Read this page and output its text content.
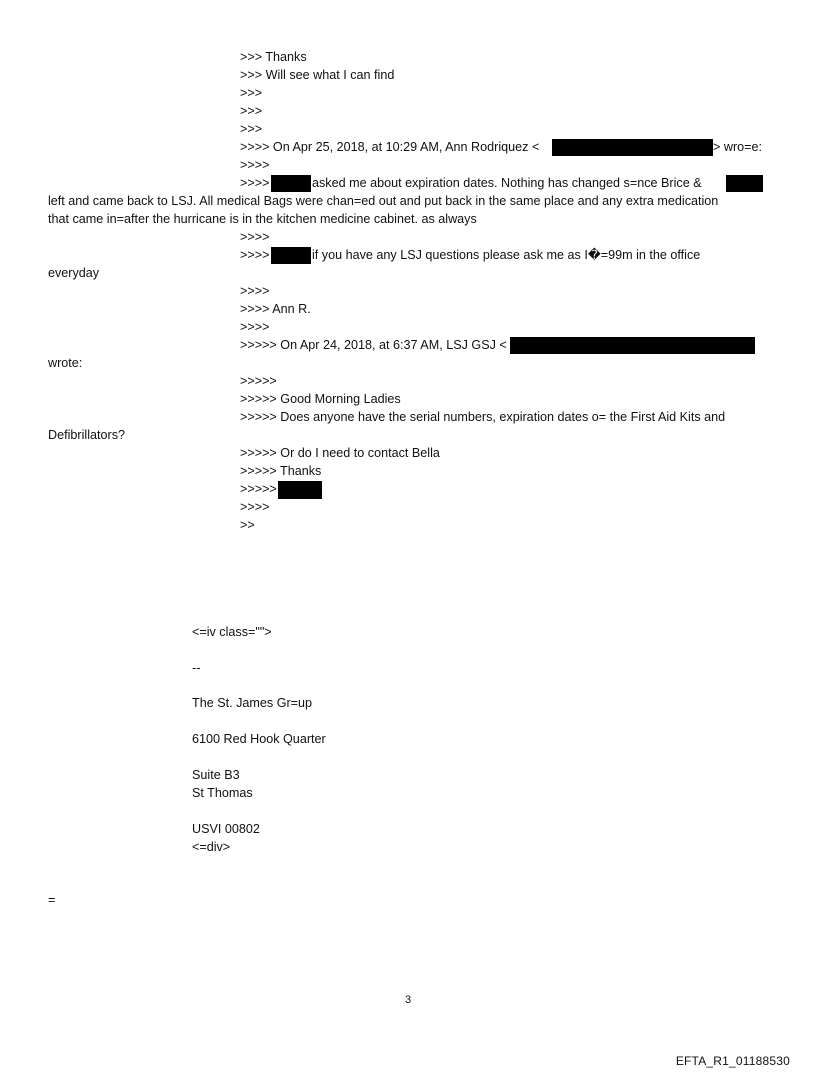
>>> Thanks
>>> Will see what I can find
>>>
>>>
>>>
>>>> On Apr 25, 2018, at 10:29 AM, Ann Rodriquez <	> wro=e:
>>>>
>>>>	asked me about expiration dates. Nothing has changed s=nce Brice &
left and came back to LSJ. All medical Bags were chan=ed out and put back in the same place and any extra medication
that came in=after the hurricane is in the kitchen medicine cabinet. as always
>>>>
>>>>	if you have any LSJ questions please ask me as I�=99m in the office
everyday
>>>>
>>>> Ann R.
>>>>
>>>>> On Apr 24, 2018, at 6:37 AM, LSJ GSJ <
wrote:
>>>>>
>>>>> Good Morning Ladies
>>>>> Does anyone have the serial numbers, expiration dates o= the First Aid Kits and
Defibrillators?
>>>>> Or do I need to contact Bella
>>>>> Thanks
>>>>>
>>>>
>>
<=iv class="">
--
The St. James Gr=up
6100 Red Hook Quarter
Suite B3
St Thomas
USVI 00802
<=div>
=
3
EFTA_R1_01188530
